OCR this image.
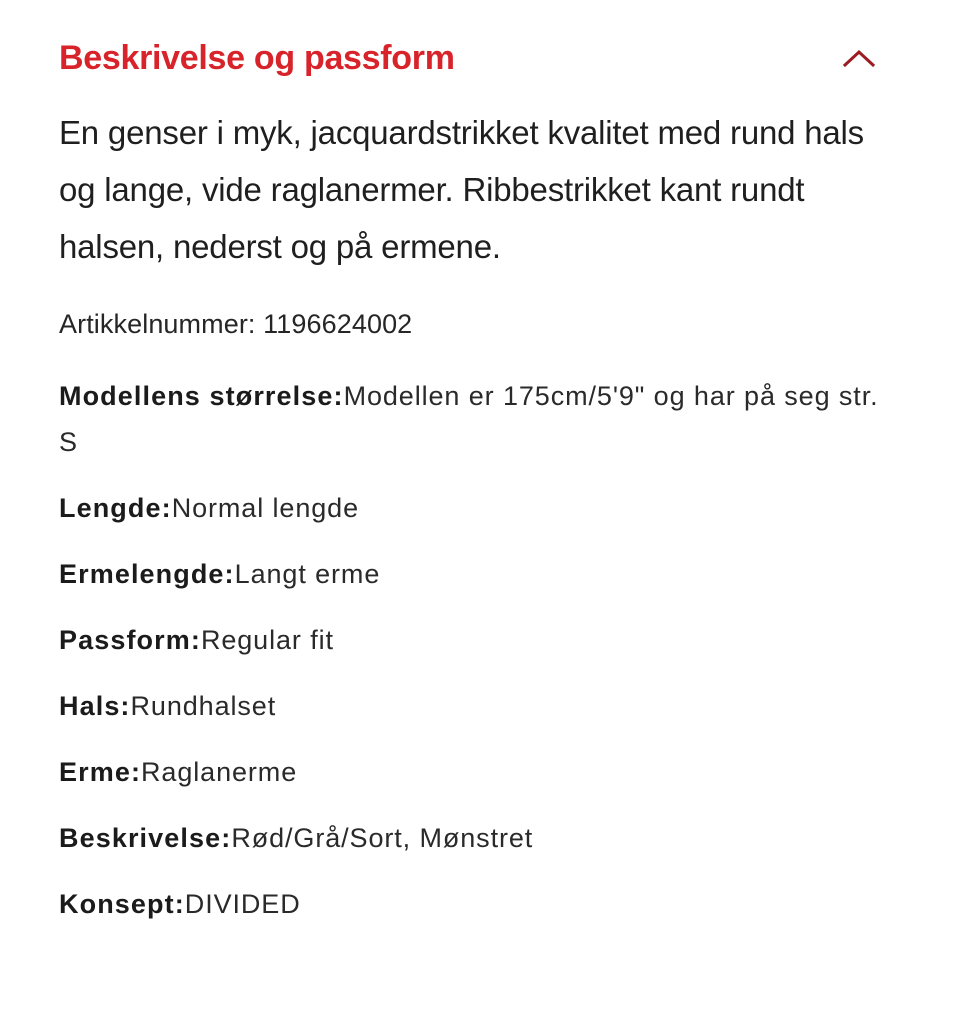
Beskrivelse og passform

En genser i myk, jacquardstrikket kvalitet med rund hals og lange, vide raglanermer. Ribbestrikket kant rundt halsen, nederst og på ermene.

Artikkelnummer: 1196624002

Modellens størrelse:Modellen er 175cm/5'9" og har på seg str. S
Lengde:Normal lengde
Ermelengde:Langt erme
Passform:Regular fit
Hals:Rundhalset
Erme:Raglanerme
Beskrivelse:Rød/Grå/Sort, Mønstret
Konsept:DIVIDED
